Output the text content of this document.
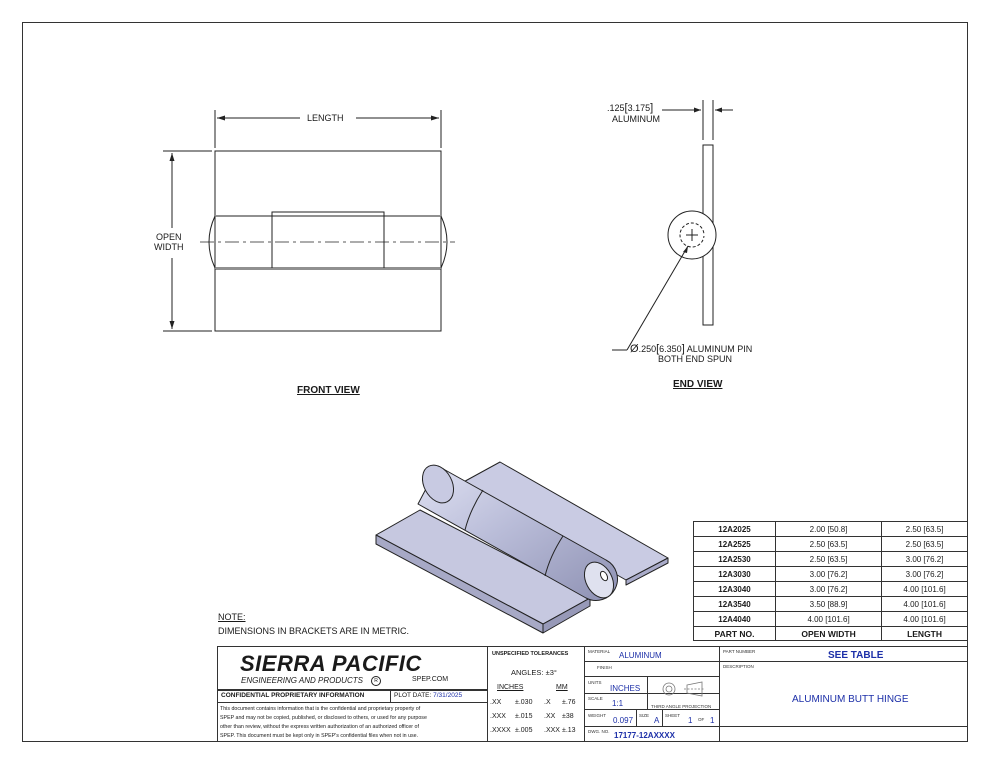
LENGTH
OPEN
WIDTH
FRONT VIEW
.125[3.175]
ALUMINUM
Ø.250[6.350] ALUMINUM PIN
BOTH END SPUN
END VIEW
NOTE:
DIMENSIONS IN BRACKETS ARE IN METRIC.
12A2025	2.00 [50.8]	2.50 [63.5]
12A2525	2.50 [63.5]	2.50 [63.5]
12A2530	2.50 [63.5]	3.00 [76.2]
12A3030	3.00 [76.2]	3.00 [76.2]
12A3040	3.00 [76.2]	4.00 [101.6]
12A3540	3.50 [88.9]	4.00 [101.6]
12A4040	4.00 [101.6]	4.00 [101.6]
PART NO.	OPEN WIDTH	LENGTH
SIERRA PACIFIC
ENGINEERING AND PRODUCTS	R	SPEP.COM
CONFIDENTIAL PROPRIETARY INFORMATION	PLOT DATE: 7/31/2025
This document contains information that is the confidential and proprietary property of
SPEP and may not be copied, published, or disclosed to others, or used for any purpose
other than review, without the express written authorization of an authorized officer of
SPEP. This document must be kept only in SPEP's confidential files when not in use.
UNSPECIFIED TOLERANCES
ANGLES: ±3°
INCHES	MM
.XX ±.030 .X ±.76
.XXX ±.015 .XX ±38
.XXXX ±.005 .XXX ±.13
MATERIAL ALUMINUM
FINISH
UNITS
INCHES
SCALE
1:1	THIRD ANGLE PROJECTION
WEIGHT
0.097
SIZE
A
SHEET
1 OF 1
DWG. NO. 17177-12AXXXX
PART NUMBER	SEE TABLE
DESCRIPTION
ALUMINUM BUTT HINGE
